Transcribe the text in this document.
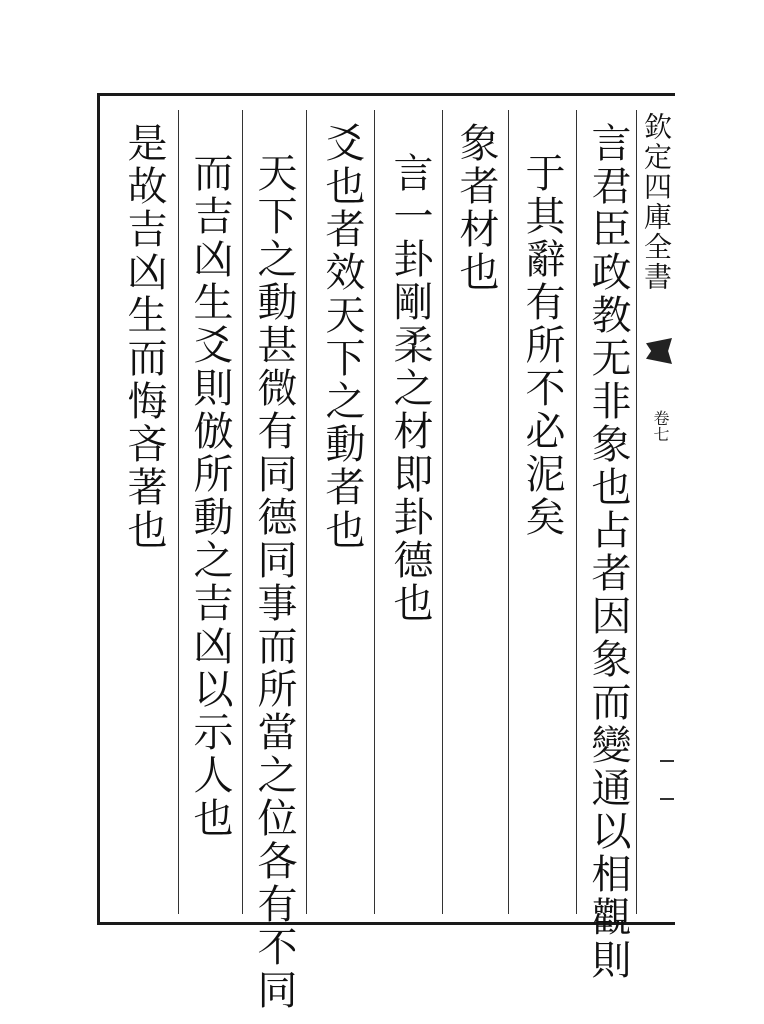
欽定四庫全書
卷七
言君臣政教无非象也占者因象而變通以相觀則
于其辭有所不必泥矣
象者材也
言一卦剛柔之材即卦德也
爻也者效天下之動者也
天下之動甚微有同德同事而所當之位各有不同
而吉凶生爻則倣所動之吉凶以示人也
是故吉凶生而悔吝著也
